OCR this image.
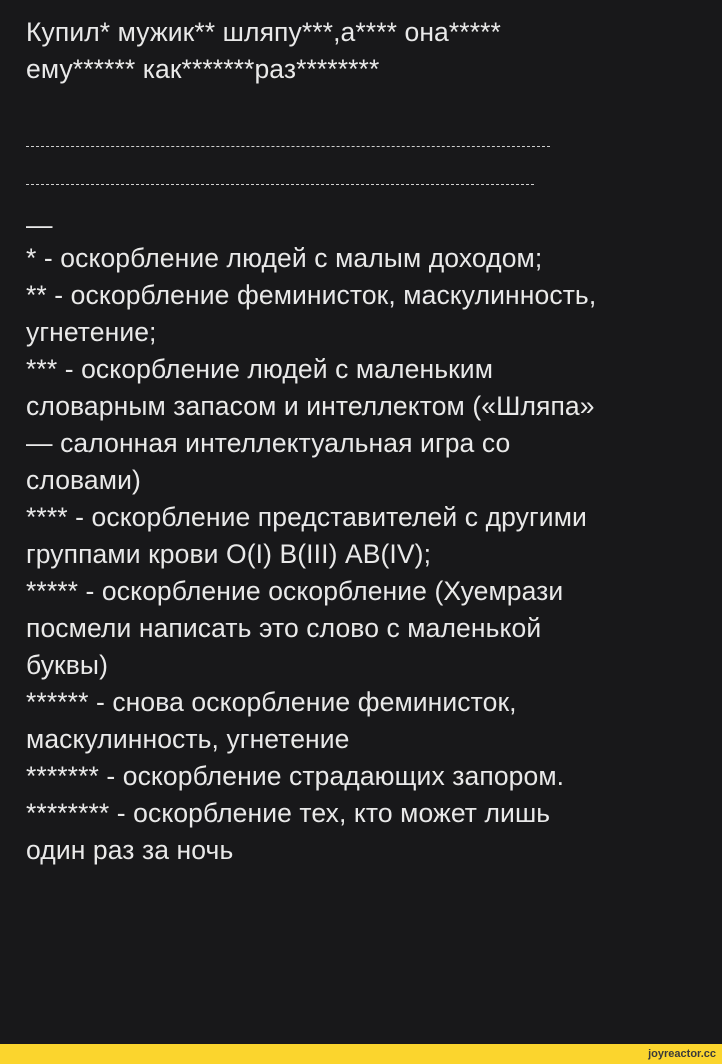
Купил* мужик** шляпу***,а**** она*****
ему****** как*******раз********
—
* - оскорбление людей с малым доходом;
** - оскорбление феминисток, маскулинность,
угнетение;
*** - оскорбление людей с маленьким
словарным запасом и интеллектом («Шляпа»
— салонная интеллектуальная игра со
словами)
**** - оскорбление представителей с другими
группами крови О(I) В(III) АВ(IV);
***** - оскорбление оскорбление (Хуемрази
посмели написать это слово с маленькой
буквы)
****** - снова оскорбление феминисток,
маскулинность, угнетение
******* - оскорбление страдающих запором.
******** - оскорбление тех, кто может лишь
один раз за ночь
joyreactor.cc
